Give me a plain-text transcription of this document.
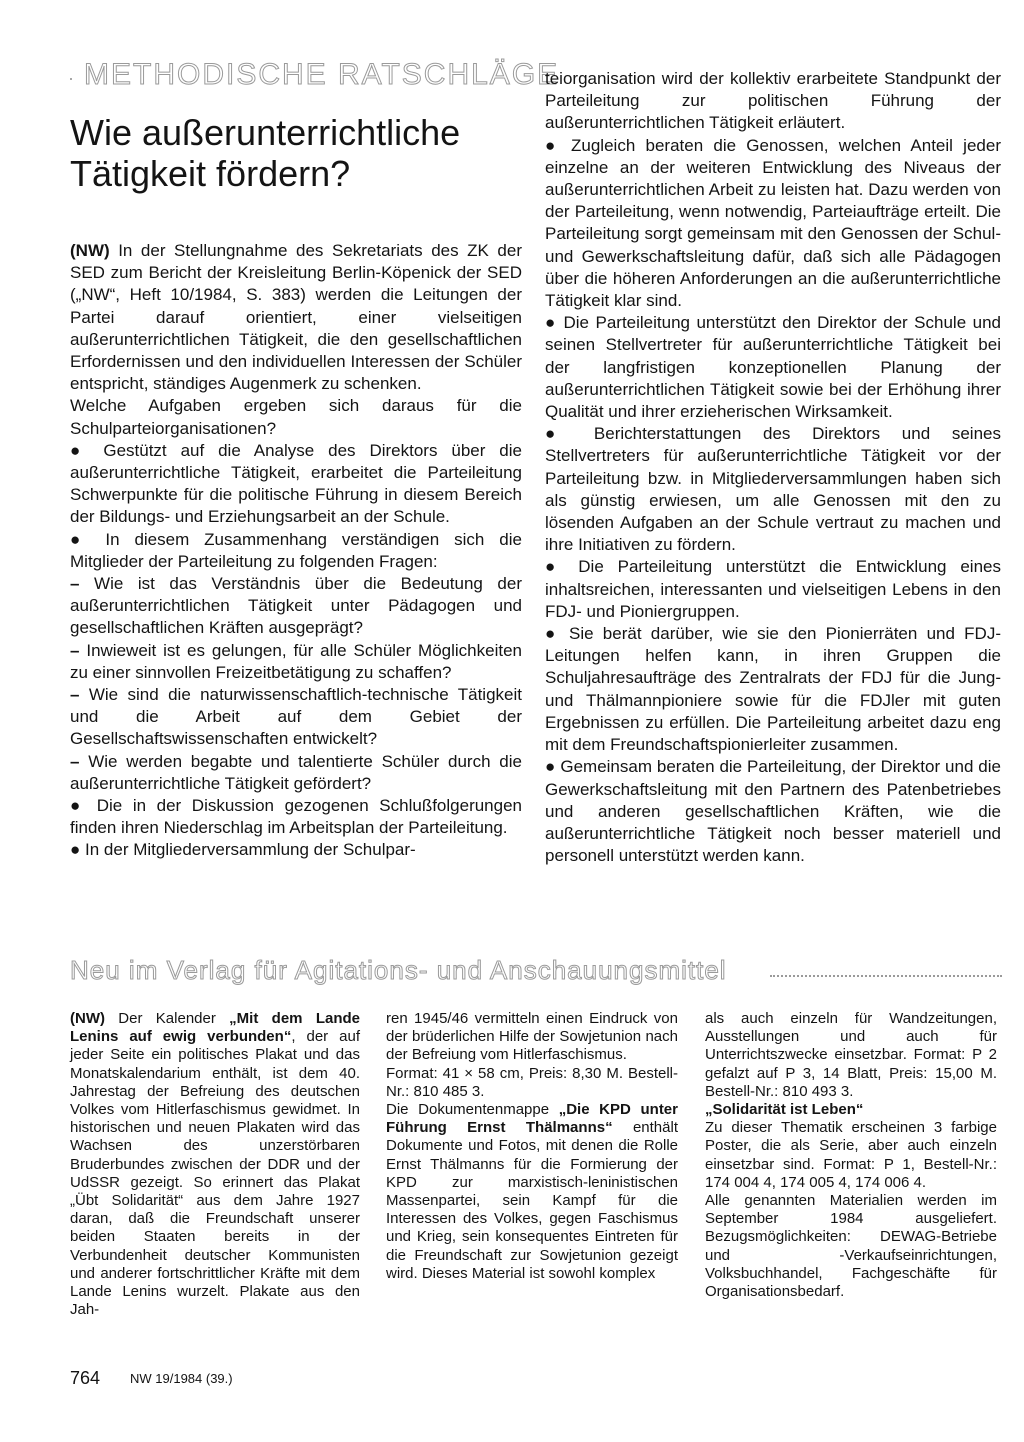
· METHODISCHE RATSCHLÄGE
Wie außerunterrichtliche
Tätigkeit fördern?

(NW) In der Stellungnahme des Sekretariats des ZK der SED zum Bericht der Kreisleitung Berlin-Köpenick der SED („NW“, Heft 10/1984, S. 383) werden die Leitungen der Partei darauf orientiert, einer vielseitigen außerunterrichtlichen Tätigkeit, die den gesellschaftlichen Erfordernissen und den individuellen Interessen der Schüler entspricht, ständiges Augenmerk zu schenken.

Welche Aufgaben ergeben sich daraus für die Schulparteiorganisationen?

● Gestützt auf die Analyse des Direktors über die außerunterrichtliche Tätigkeit, erarbeitet die Parteileitung Schwerpunkte für die politische Führung in diesem Bereich der Bildungs- und Erziehungsarbeit an der Schule.

● In diesem Zusammenhang verständigen sich die Mitglieder der Parteileitung zu folgenden Fragen:

– Wie ist das Verständnis über die Bedeutung der außerunterrichtlichen Tätigkeit unter Pädagogen und gesellschaftlichen Kräften ausgeprägt?

– Inwieweit ist es gelungen, für alle Schüler Möglichkeiten zu einer sinnvollen Freizeitbetätigung zu schaffen?

– Wie sind die naturwissenschaftlich-technische Tätigkeit und die Arbeit auf dem Gebiet der Gesellschaftswissenschaften entwickelt?

– Wie werden begabte und talentierte Schüler durch die außerunterrichtliche Tätigkeit gefördert?

● Die in der Diskussion gezogenen Schlußfolgerungen finden ihren Niederschlag im Arbeitsplan der Parteileitung.

● In der Mitgliederversammlung der Schulpar-

teiorganisation wird der kollektiv erarbeitete Standpunkt der Parteileitung zur politischen Führung der außerunterrichtlichen Tätigkeit erläutert.

● Zugleich beraten die Genossen, welchen Anteil jeder einzelne an der weiteren Entwicklung des Niveaus der außerunterrichtlichen Arbeit zu leisten hat. Dazu werden von der Parteileitung, wenn notwendig, Parteiaufträge erteilt. Die Parteileitung sorgt gemeinsam mit den Genossen der Schul- und Gewerkschaftsleitung dafür, daß sich alle Pädagogen über die höheren Anforderungen an die außerunterrichtliche Tätigkeit klar sind.

● Die Parteileitung unterstützt den Direktor der Schule und seinen Stellvertreter für außerunterrichtliche Tätigkeit bei der langfristigen konzeptionellen Planung der außerunterrichtlichen Tätigkeit sowie bei der Erhöhung ihrer Qualität und ihrer erzieherischen Wirksamkeit.

● Berichterstattungen des Direktors und seines Stellvertreters für außerunterrichtliche Tätigkeit vor der Parteileitung bzw. in Mitgliederversammlungen haben sich als günstig erwiesen, um alle Genossen mit den zu lösenden Aufgaben an der Schule vertraut zu machen und ihre Initiativen zu fördern.

● Die Parteileitung unterstützt die Entwicklung eines inhaltsreichen, interessanten und vielseitigen Lebens in den FDJ- und Pioniergruppen.

● Sie berät darüber, wie sie den Pionierräten und FDJ-Leitungen helfen kann, in ihren Gruppen die Schuljahresaufträge des Zentralrats der FDJ für die Jung- und Thälmannpioniere sowie für die FDJler mit guten Ergebnissen zu erfüllen. Die Parteileitung arbeitet dazu eng mit dem Freundschaftspionierleiter zusammen.

● Gemeinsam beraten die Parteileitung, der Direktor und die Gewerkschaftsleitung mit den Partnern des Patenbetriebes und anderen gesellschaftlichen Kräften, wie die außerunterrichtliche Tätigkeit noch besser materiell und personell unterstützt werden kann.

Neu im Verlag für Agitations- und Anschauungsmittel

(NW) Der Kalender „Mit dem Lande Lenins auf ewig verbunden“, der auf jeder Seite ein politisches Plakat und das Monatskalendarium enthält, ist dem 40. Jahrestag der Befreiung des deutschen Volkes vom Hitlerfaschismus gewidmet. In historischen und neuen Plakaten wird das Wachsen des unzerstörbaren Bruderbundes zwischen der DDR und der UdSSR gezeigt. So erinnert das Plakat „Übt Solidarität“ aus dem Jahre 1927 daran, daß die Freundschaft unserer beiden Staaten bereits in der Verbundenheit deutscher Kommunisten und anderer fortschrittlicher Kräfte mit dem Lande Lenins wurzelt. Plakate aus den Jah-

ren 1945/46 vermitteln einen Eindruck von der brüderlichen Hilfe der Sowjetunion nach der Befreiung vom Hitlerfaschismus.

Format: 41 × 58 cm, Preis: 8,30 M. Bestell-Nr.: 810 485 3.

Die Dokumentenmappe „Die KPD unter Führung Ernst Thälmanns“ enthält Dokumente und Fotos, mit denen die Rolle Ernst Thälmanns für die Formierung der KPD zur marxistisch-leninistischen Massenpartei, sein Kampf für die Interessen des Volkes, gegen Faschismus und Krieg, sein konsequentes Eintreten für die Freundschaft zur Sowjetunion gezeigt wird. Dieses Material ist sowohl komplex

als auch einzeln für Wandzeitungen, Ausstellungen und auch für Unterrichtszwecke einsetzbar. Format: P 2 gefalzt auf P 3, 14 Blatt, Preis: 15,00 M. Bestell-Nr.: 810 493 3.

„Solidarität ist Leben“

Zu dieser Thematik erscheinen 3 farbige Poster, die als Serie, aber auch einzeln einsetzbar sind. Format: P 1, Bestell-Nr.: 174 004 4, 174 005 4, 174 006 4.

Alle genannten Materialien werden im September 1984 ausgeliefert. Bezugsmöglichkeiten: DEWAG-Betriebe und -Verkaufseinrichtungen, Volksbuchhandel, Fachgeschäfte für Organisationsbedarf.

764 NW 19/1984 (39.)
